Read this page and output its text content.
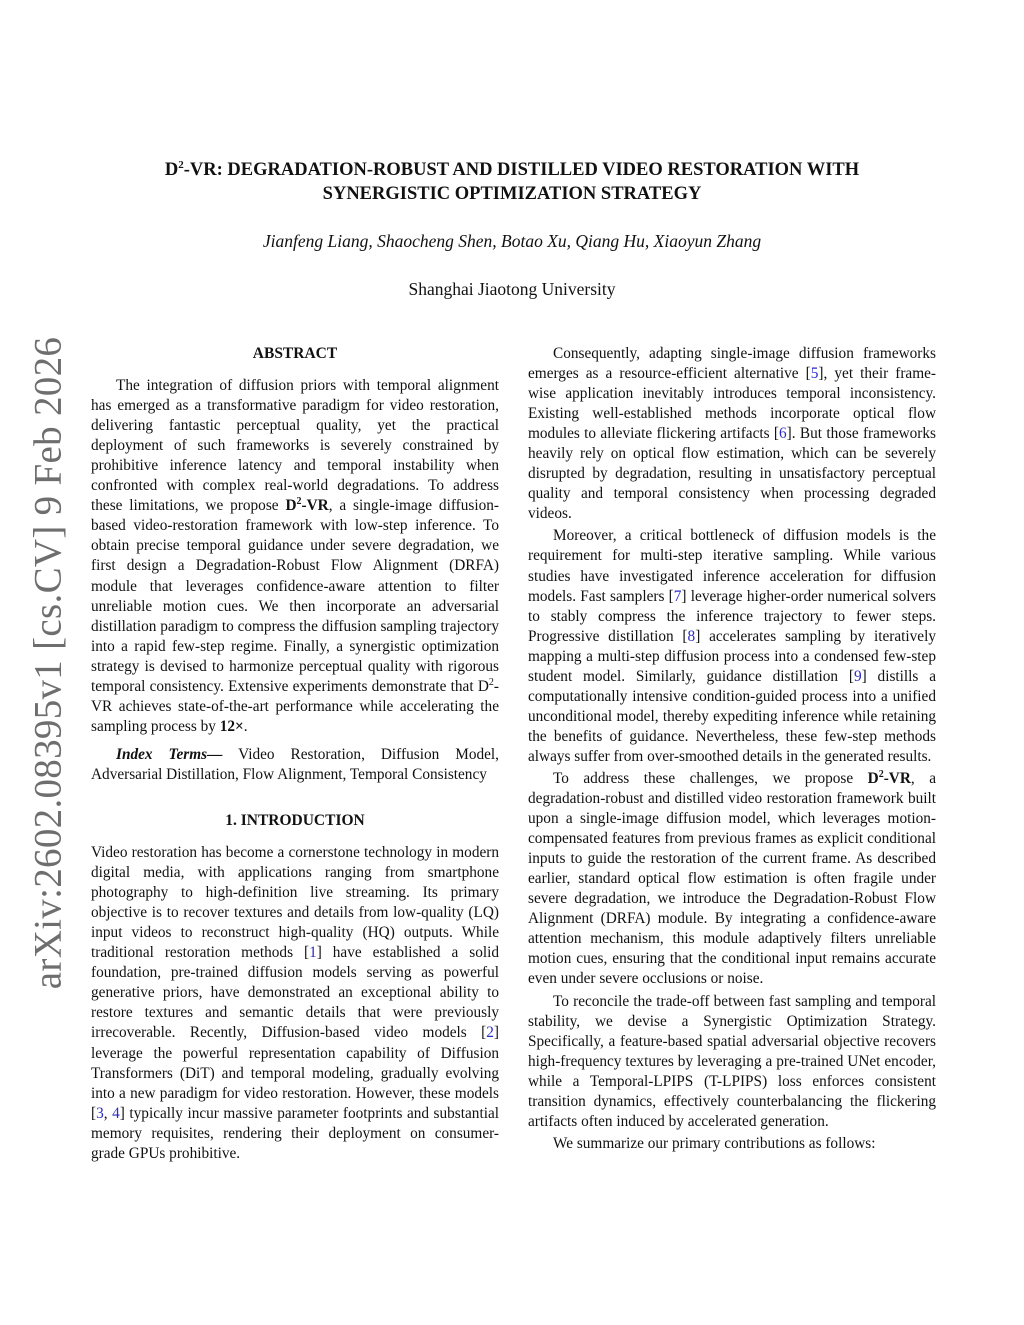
arXiv:2602.08395v1 [cs.CV] 9 Feb 2026
$D^2-VR$: DEGRADATION-ROBUST AND DISTILLED VIDEO RESTORATION WITH SYNERGISTIC OPTIMIZATION STRATEGY
Jianfeng Liang, Shaocheng Shen, Botao Xu, Qiang Hu, Xiaoyun Zhang
Shanghai Jiaotong University
ABSTRACT

The integration of diffusion priors with temporal alignment has emerged as a transformative paradigm for video restoration, delivering fantastic perceptual quality, yet the practical deployment of such frameworks is severely constrained by prohibitive inference latency and temporal instability when confronted with complex real-world degradations. To address these limitations, we propose $D^2-VR$, a single-image diffusion-based video-restoration framework with low-step inference. To obtain precise temporal guidance under severe degradation, we first design a Degradation-Robust Flow Alignment (DRFA) module that leverages confidence-aware attention to filter unreliable motion cues. We then incorporate an adversarial distillation paradigm to compress the diffusion sampling trajectory into a rapid few-step regime. Finally, a synergistic optimization strategy is devised to harmonize perceptual quality with rigorous temporal consistency. Extensive experiments demonstrate that $D^2-VR$ achieves state-of-the-art performance while accelerating the sampling process by 12×.

Index Terms— Video Restoration, Diffusion Model, Adversarial Distillation, Flow Alignment, Temporal Consistency

1. INTRODUCTION

Video restoration has become a cornerstone technology in modern digital media, with applications ranging from smartphone photography to high-definition live streaming. Its primary objective is to recover textures and details from low-quality (LQ) input videos to reconstruct high-quality (HQ) outputs. While traditional restoration methods [1] have established a solid foundation, pre-trained diffusion models serving as powerful generative priors, have demonstrated an exceptional ability to restore textures and semantic details that were previously irrecoverable. Recently, Diffusion-based video models [2] leverage the powerful representation capability of Diffusion Transformers (DiT) and temporal modeling, gradually evolving into a new paradigm for video restoration. However, these models [3, 4] typically incur massive parameter footprints and substantial memory requisites, rendering their deployment on consumer-grade GPUs prohibitive.

Consequently, adapting single-image diffusion frameworks emerges as a resource-efficient alternative [5], yet their frame-wise application inevitably introduces temporal inconsistency. Existing well-established methods incorporate optical flow modules to alleviate flickering artifacts [6]. But those frameworks heavily rely on optical flow estimation, which can be severely disrupted by degradation, resulting in unsatisfactory perceptual quality and temporal consistency when processing degraded videos.

Moreover, a critical bottleneck of diffusion models is the requirement for multi-step iterative sampling. While various studies have investigated inference acceleration for diffusion models. Fast samplers [7] leverage higher-order numerical solvers to stably compress the inference trajectory to fewer steps. Progressive distillation [8] accelerates sampling by iteratively mapping a multi-step diffusion process into a condensed few-step student model. Similarly, guidance distillation [9] distills a computationally intensive condition-guided process into a unified unconditional model, thereby expediting inference while retaining the benefits of guidance. Nevertheless, these few-step methods always suffer from over-smoothed details in the generated results.

To address these challenges, we propose $D^2-VR$, a degradation-robust and distilled video restoration framework built upon a single-image diffusion model, which leverages motion-compensated features from previous frames as explicit conditional inputs to guide the restoration of the current frame. As described earlier, standard optical flow estimation is often fragile under severe degradation, we introduce the Degradation-Robust Flow Alignment (DRFA) module. By integrating a confidence-aware attention mechanism, this module adaptively filters unreliable motion cues, ensuring that the conditional input remains accurate even under severe occlusions or noise.

To reconcile the trade-off between fast sampling and temporal stability, we devise a Synergistic Optimization Strategy. Specifically, a feature-based spatial adversarial objective recovers high-frequency textures by leveraging a pre-trained UNet encoder, while a Temporal-LPIPS (T-LPIPS) loss enforces consistent transition dynamics, effectively counterbalancing the flickering artifacts often induced by accelerated generation.

We summarize our primary contributions as follows:
